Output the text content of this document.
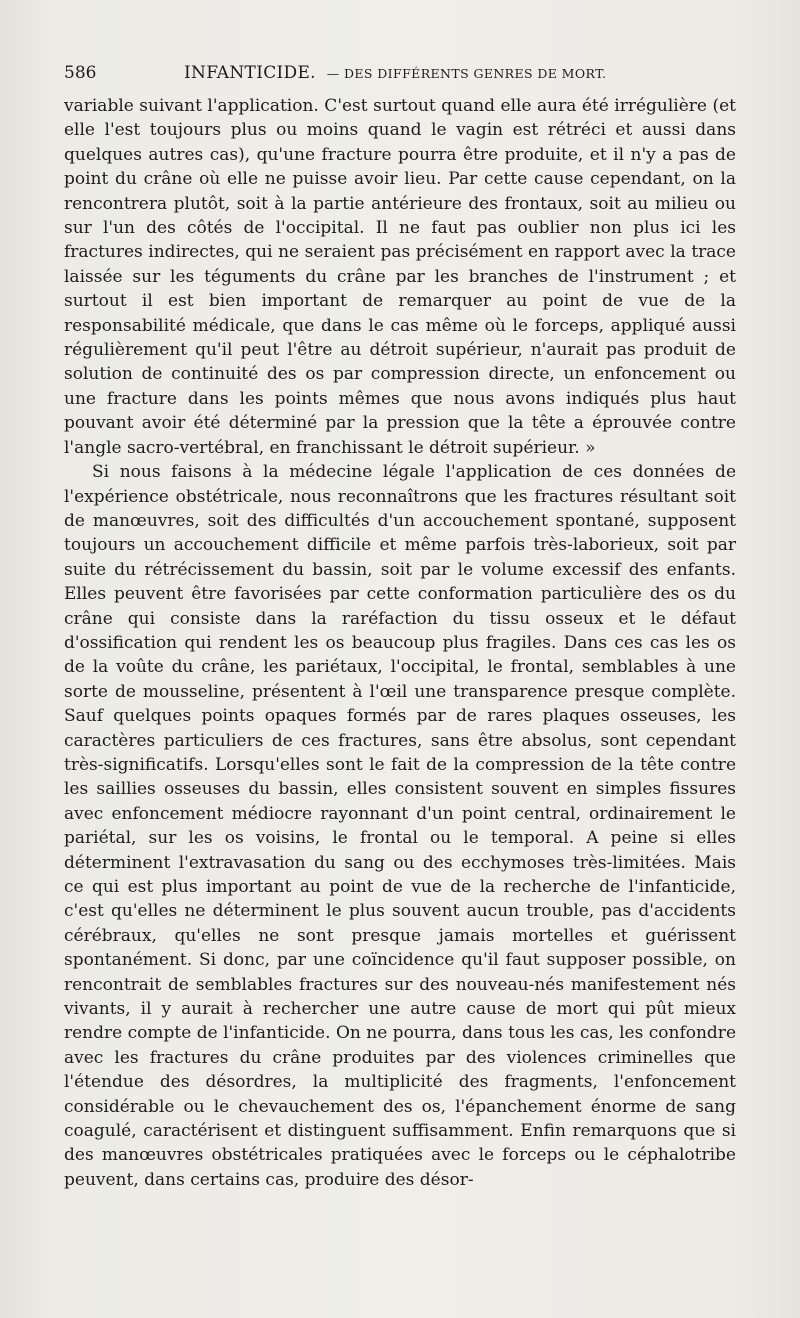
586	INFANTICIDE. — DES DIFFÉRENTS GENRES DE MORT.

variable suivant l'application. C'est surtout quand elle aura été irrégulière (et elle l'est toujours plus ou moins quand le vagin est rétréci et aussi dans quelques autres cas), qu'une fracture pourra être produite, et il n'y a pas de point du crâne où elle ne puisse avoir lieu. Par cette cause cependant, on la rencontrera plutôt, soit à la partie antérieure des frontaux, soit au milieu ou sur l'un des côtés de l'occipital. Il ne faut pas oublier non plus ici les fractures indirectes, qui ne seraient pas précisément en rapport avec la trace laissée sur les téguments du crâne par les branches de l'instrument ; et surtout il est bien important de remarquer au point de vue de la responsabilité médicale, que dans le cas même où le forceps, appliqué aussi régulièrement qu'il peut l'être au détroit supérieur, n'aurait pas produit de solution de continuité des os par compression directe, un enfoncement ou une fracture dans les points mêmes que nous avons indiqués plus haut pouvant avoir été déterminé par la pression que la tête a éprouvée contre l'angle sacro-vertébral, en franchissant le détroit supérieur. »

Si nous faisons à la médecine légale l'application de ces données de l'expérience obstétricale, nous reconnaîtrons que les fractures résultant soit de manœuvres, soit des difficultés d'un accouchement spontané, supposent toujours un accouchement difficile et même parfois très-laborieux, soit par suite du rétrécissement du bassin, soit par le volume excessif des enfants. Elles peuvent être favorisées par cette conformation particulière des os du crâne qui consiste dans la raréfaction du tissu osseux et le défaut d'ossification qui rendent les os beaucoup plus fragiles. Dans ces cas les os de la voûte du crâne, les pariétaux, l'occipital, le frontal, semblables à une sorte de mousseline, présentent à l'œil une transparence presque complète. Sauf quelques points opaques formés par de rares plaques osseuses, les caractères particuliers de ces fractures, sans être absolus, sont cependant très-significatifs. Lorsqu'elles sont le fait de la compression de la tête contre les saillies osseuses du bassin, elles consistent souvent en simples fissures avec enfoncement médiocre rayonnant d'un point central, ordinairement le pariétal, sur les os voisins, le frontal ou le temporal. A peine si elles déterminent l'extravasation du sang ou des ecchymoses très-limitées. Mais ce qui est plus important au point de vue de la recherche de l'infanticide, c'est qu'elles ne déterminent le plus souvent aucun trouble, pas d'accidents cérébraux, qu'elles ne sont presque jamais mortelles et guérissent spontanément. Si donc, par une coïncidence qu'il faut supposer possible, on rencontrait de semblables fractures sur des nouveau-nés manifestement nés vivants, il y aurait à rechercher une autre cause de mort qui pût mieux rendre compte de l'infanticide. On ne pourra, dans tous les cas, les confondre avec les fractures du crâne produites par des violences criminelles que l'étendue des désordres, la multiplicité des fragments, l'enfoncement considérable ou le chevauchement des os, l'épanchement énorme de sang coagulé, caractérisent et distinguent suffisamment. Enfin remarquons que si des manœuvres obstétricales pratiquées avec le forceps ou le céphalotribe peuvent, dans certains cas, produire des désor-
